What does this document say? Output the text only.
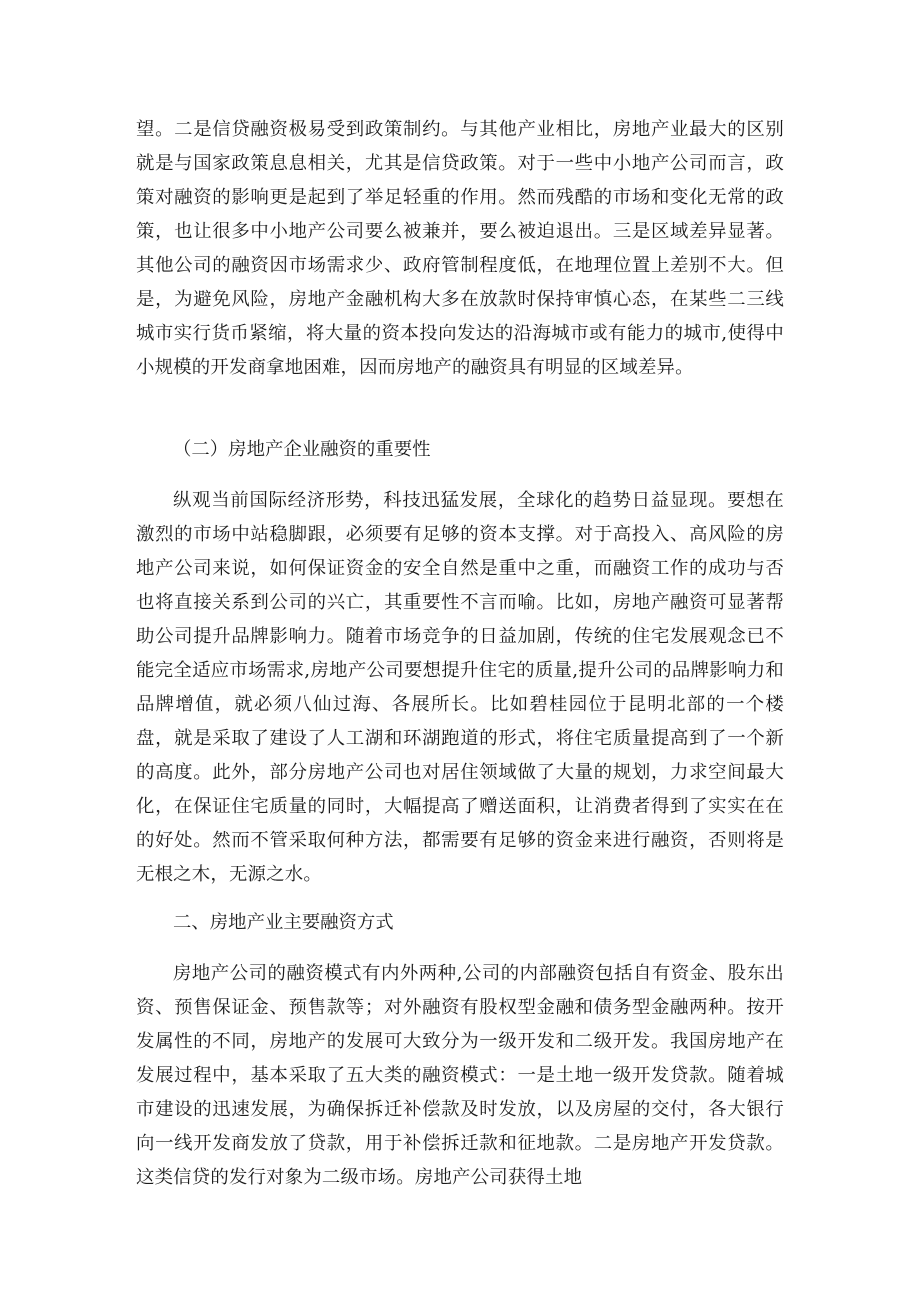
望。二是信贷融资极易受到政策制约。与其他产业相比，房地产业最大的区别就是与国家政策息息相关，尤其是信贷政策。对于一些中小地产公司而言，政策对融资的影响更是起到了举足轻重的作用。然而残酷的市场和变化无常的政策，也让很多中小地产公司要么被兼并，要么被迫退出。三是区域差异显著。其他公司的融资因市场需求少、政府管制程度低，在地理位置上差别不大。但是，为避免风险，房地产金融机构大多在放款时保持审慎心态，在某些二三线城市实行货币紧缩，将大量的资本投向发达的沿海城市或有能力的城市,使得中小规模的开发商拿地困难，因而房地产的融资具有明显的区域差异。

（二）房地产企业融资的重要性

纵观当前国际经济形势，科技迅猛发展，全球化的趋势日益显现。要想在激烈的市场中站稳脚跟，必须要有足够的资本支撑。对于高投入、高风险的房地产公司来说，如何保证资金的安全自然是重中之重，而融资工作的成功与否也将直接关系到公司的兴亡，其重要性不言而喻。比如，房地产融资可显著帮助公司提升品牌影响力。随着市场竞争的日益加剧，传统的住宅发展观念已不能完全适应市场需求,房地产公司要想提升住宅的质量,提升公司的品牌影响力和品牌增值，就必须八仙过海、各展所长。比如碧桂园位于昆明北部的一个楼盘，就是采取了建设了人工湖和环湖跑道的形式，将住宅质量提高到了一个新的高度。此外，部分房地产公司也对居住领域做了大量的规划，力求空间最大化，在保证住宅质量的同时，大幅提高了赠送面积，让消费者得到了实实在在的好处。然而不管采取何种方法，都需要有足够的资金来进行融资，否则将是无根之木，无源之水。

二、房地产业主要融资方式

房地产公司的融资模式有内外两种,公司的内部融资包括自有资金、股东出资、预售保证金、预售款等；对外融资有股权型金融和债务型金融两种。按开发属性的不同，房地产的发展可大致分为一级开发和二级开发。我国房地产在发展过程中，基本采取了五大类的融资模式：一是土地一级开发贷款。随着城市建设的迅速发展，为确保拆迁补偿款及时发放，以及房屋的交付，各大银行向一线开发商发放了贷款，用于补偿拆迁款和征地款。二是房地产开发贷款。这类信贷的发行对象为二级市场。房地产公司获得土地
